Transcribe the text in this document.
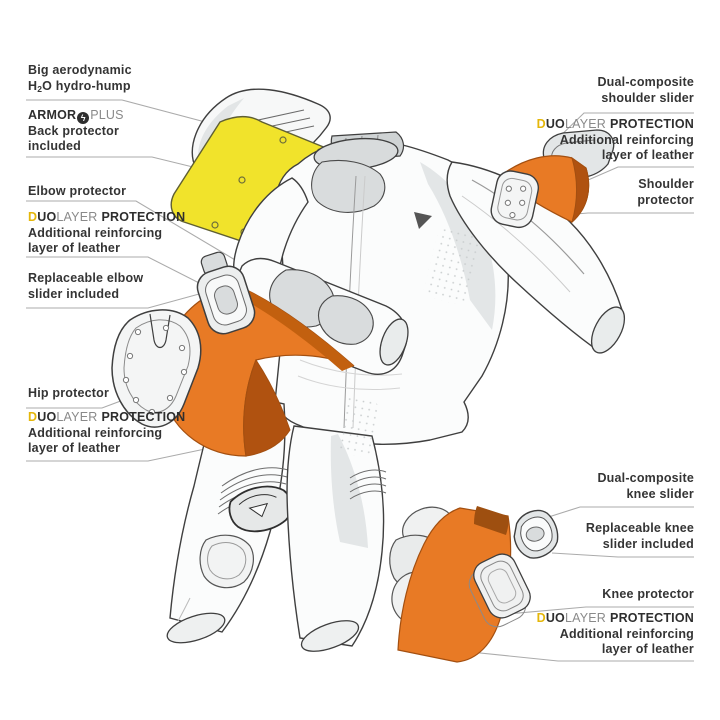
Big aerodynamic
$H_2O$ hydro-hump
ARMOR ϟ PLUS
Back protector
included
Elbow protector
DUOLAYER PROTECTION
Additional reinforcing
layer of leather
Replaceable elbow
slider included
Hip protector
DUOLAYER PROTECTION
Additional reinforcing
layer of leather
Dual-composite
shoulder slider
DUOLAYER PROTECTION
Additional reinforcing
layer of leather
Shoulder
protector
Dual-composite
knee slider
Replaceable knee
slider included
Knee protector
DUOLAYER PROTECTION
Additional reinforcing
layer of leather
